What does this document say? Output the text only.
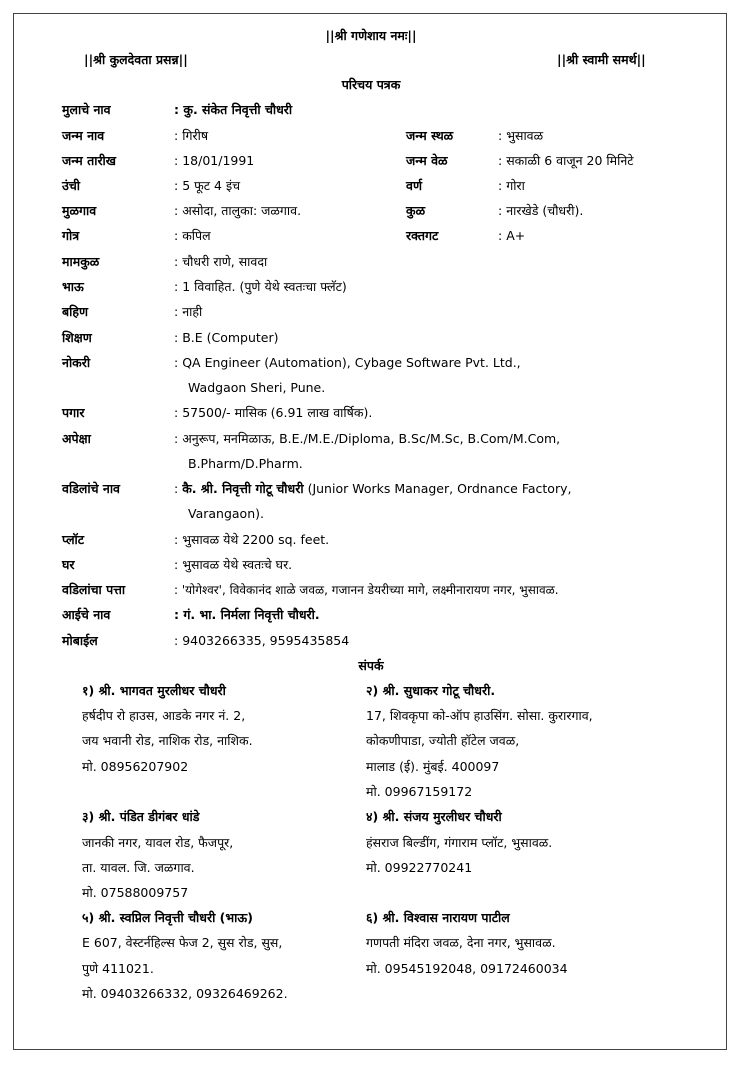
||श्री गणेशाय नमः||
||श्री कुलदेवता प्रसन्न||	||श्री स्वामी समर्थ||
परिचय पत्रक
मुलाचे नाव	: कु. संकेत निवृत्ती चौधरी
जन्म नाव	: गिरीष	जन्म स्थळ	: भुसावळ
जन्म तारीख	: 18/01/1991	जन्म वेळ	: सकाळी 6 वाजून 20 मिनिटे
उंची	: 5 फूट 4 इंच	वर्ण	: गोरा
मुळगाव	: असोदा, तालुका: जळगाव.	कुळ	: नारखेडे (चौधरी).
गोत्र	: कपिल	रक्तगट	: A+
मामकुळ	: चौधरी राणे, सावदा
भाऊ	: 1 विवाहित. (पुणे येथे स्वतःचा फ्लॅट)
बहिण	: नाही
शिक्षण	: B.E (Computer)
नोकरी	: QA Engineer (Automation), Cybage Software Pvt. Ltd.,
Wadgaon Sheri, Pune.
पगार	: 57500/- मासिक (6.91 लाख वार्षिक).
अपेक्षा	: अनुरूप, मनमिळाऊ, B.E./M.E./Diploma, B.Sc/M.Sc, B.Com/M.Com,
B.Pharm/D.Pharm.
वडिलांचे नाव	: कै. श्री. निवृत्ती गोटू चौधरी (Junior Works Manager, Ordnance Factory,
Varangaon).
प्लॉट	: भुसावळ येथे 2200 sq. feet.
घर	: भुसावळ येथे स्वतःचे घर.
वडिलांचा पत्ता	: 'योगेश्वर', विवेकानंद शाळे जवळ, गजानन डेयरीच्या मागे, लक्ष्मीनारायण नगर, भुसावळ.
आईचे नाव	: गं. भा. निर्मला निवृत्ती चौधरी.
मोबाईल	: 9403266335, 9595435854
संपर्क
१) श्री. भागवत मुरलीधर चौधरी
हर्षदीप रो हाउस, आडके नगर नं. 2,
जय भवानी रोड, नाशिक रोड, नाशिक.
मो. 08956207902
२) श्री. सुधाकर गोटू चौधरी.
17, शिवकृपा को-ऑप हाउसिंग. सोसा. कुरारगाव,
कोकणीपाडा, ज्योती हॉटेल जवळ,
मालाड (ई). मुंबई. 400097
मो. 09967159172
३) श्री. पंडित डीगंबर धांडे
जानकी नगर, यावल रोड, फैजपूर,
ता. यावल. जि. जळगाव.
मो. 07588009757
४) श्री. संजय मुरलीधर चौधरी
हंसराज बिल्डींग, गंगाराम प्लॉट, भुसावळ.
मो. 09922770241
५) श्री. स्वप्निल निवृत्ती चौधरी (भाऊ)
E 607, वेस्टर्नहिल्स फेज 2, सुस रोड, सुस,
पुणे 411021.
मो. 09403266332, 09326469262.
६) श्री. विश्वास नारायण पाटील
गणपती मंदिरा जवळ, देना नगर, भुसावळ.
मो. 09545192048, 09172460034
